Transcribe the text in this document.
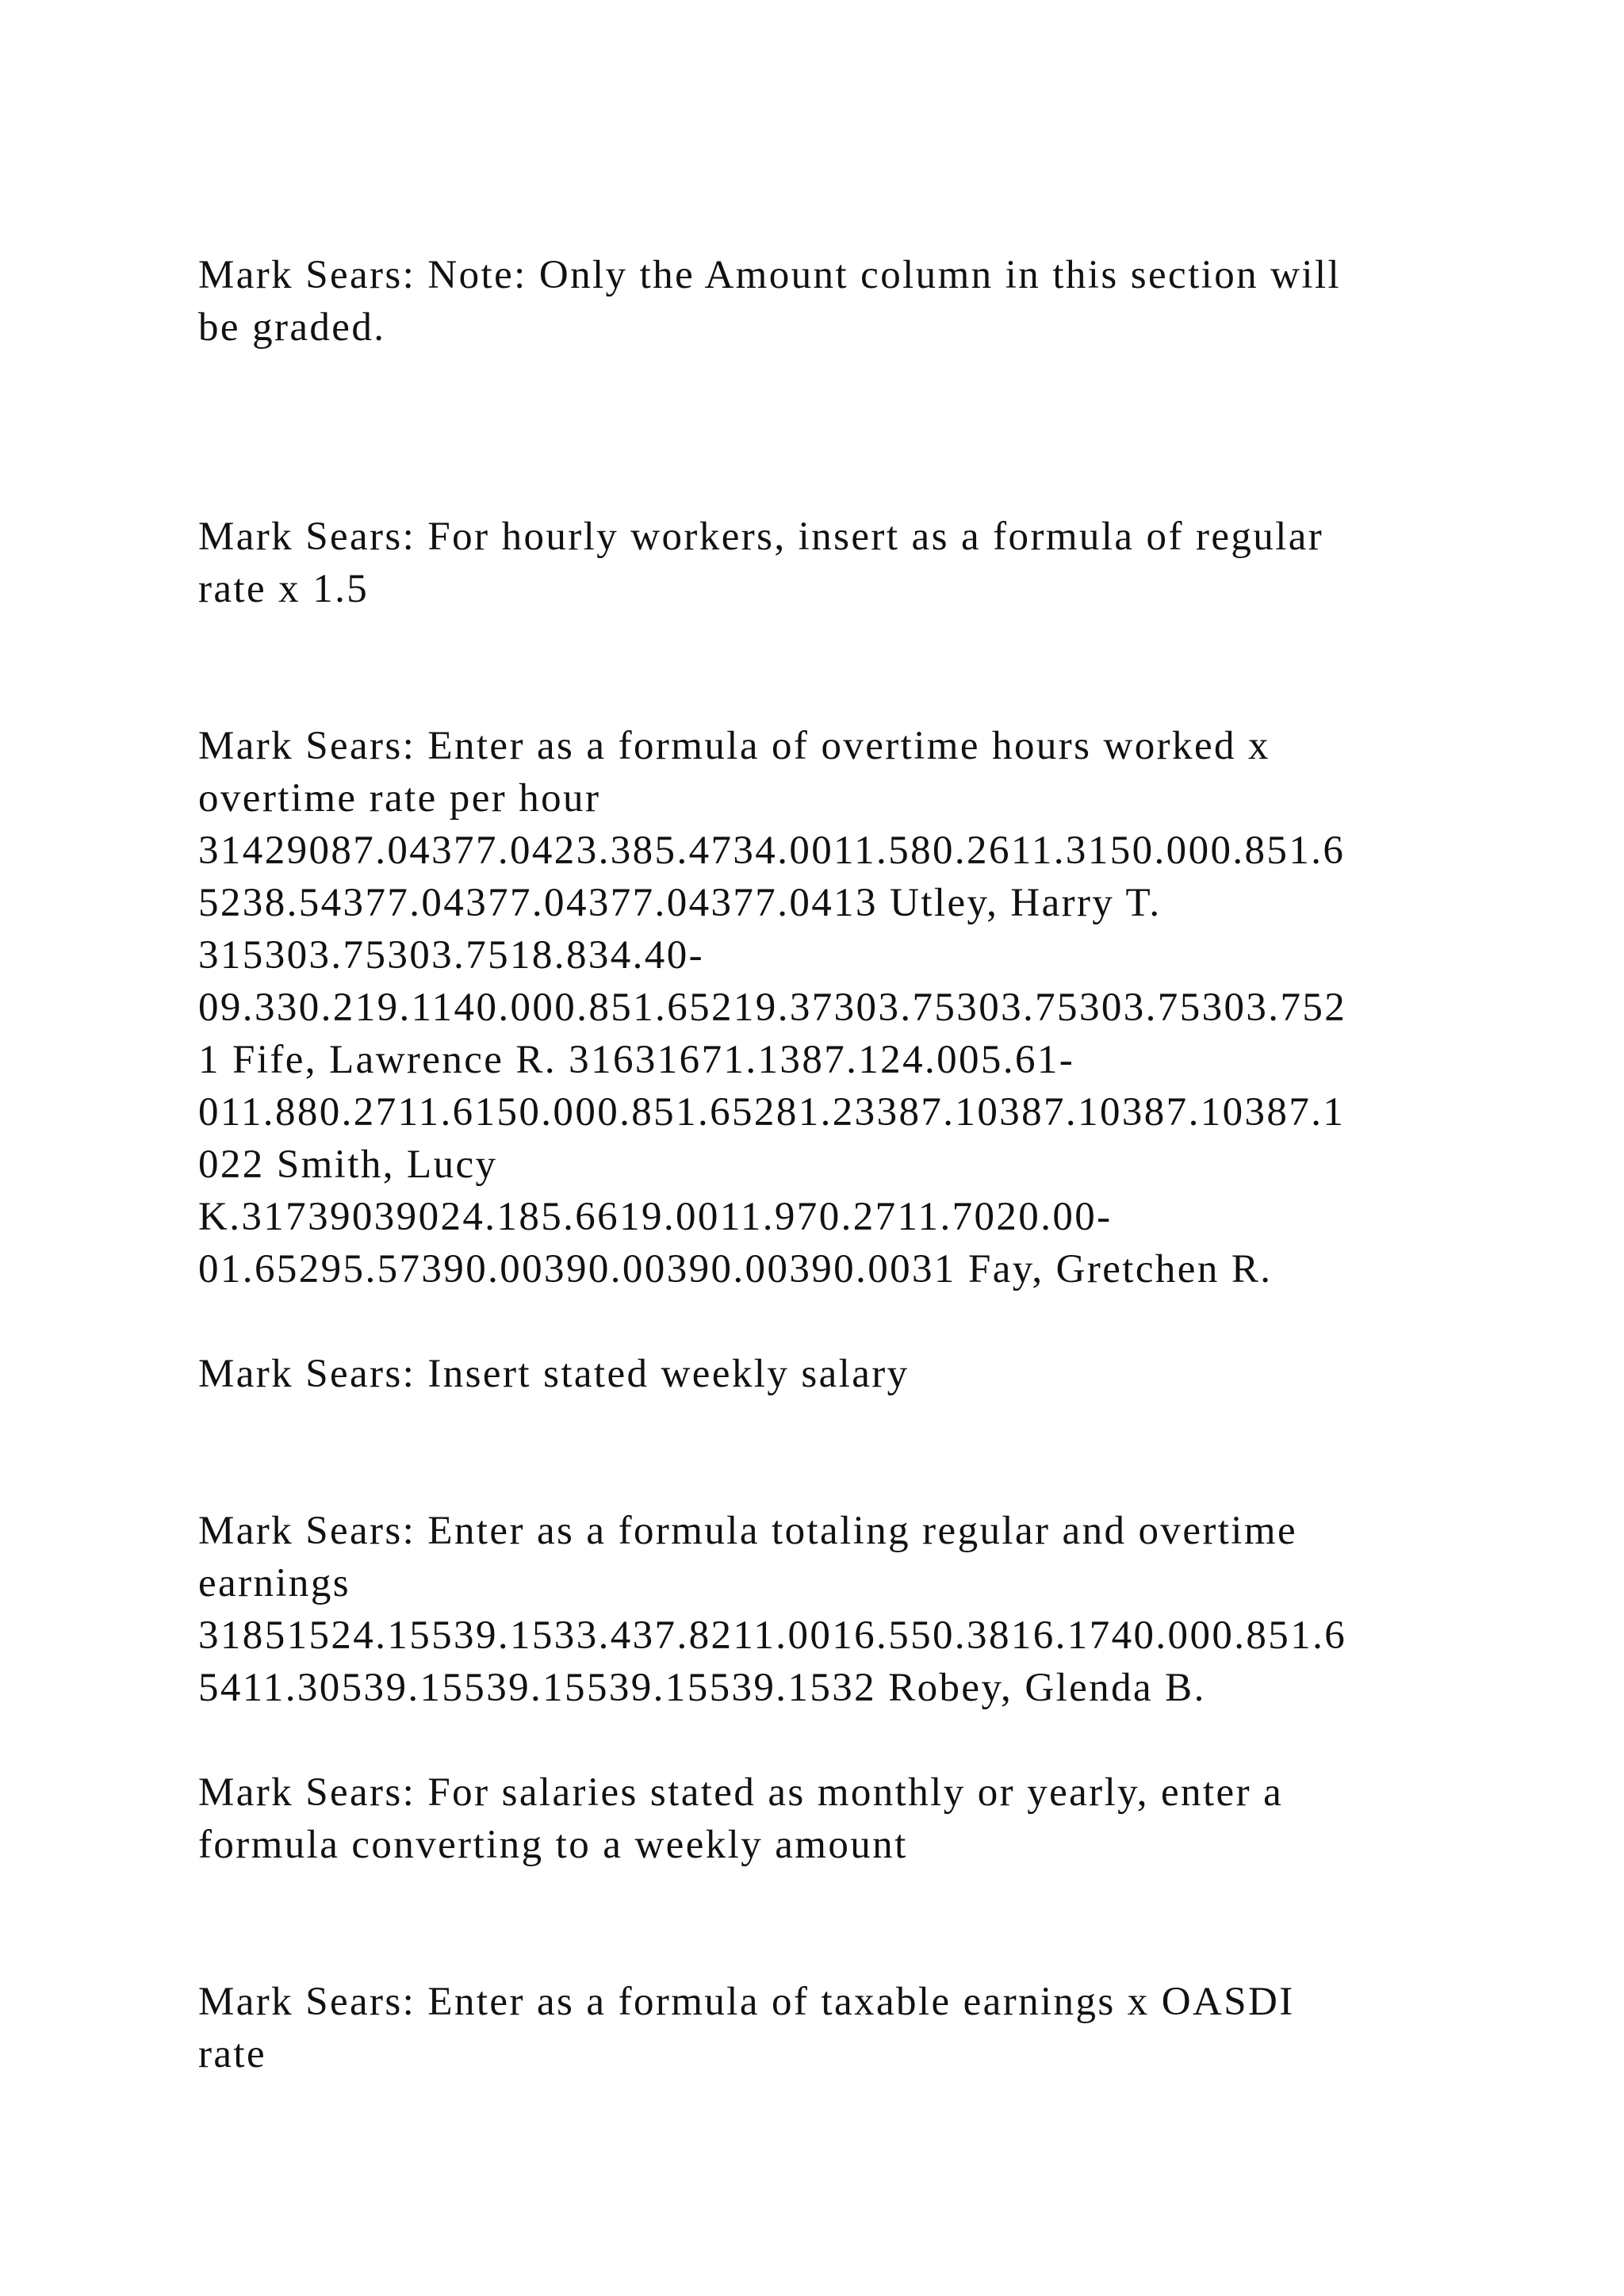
Mark Sears: Note: Only the Amount column in this section will

be graded.

Mark Sears: For hourly workers, insert as a formula of regular

rate x 1.5

Mark Sears: Enter as a formula of overtime hours worked x

overtime rate per hour

31429087.04377.0423.385.4734.0011.580.2611.3150.000.851.6

5238.54377.04377.04377.04377.0413 Utley, Harry T.

315303.75303.7518.834.40-

09.330.219.1140.000.851.65219.37303.75303.75303.75303.752

1 Fife, Lawrence R. 31631671.1387.124.005.61-

011.880.2711.6150.000.851.65281.23387.10387.10387.10387.1

022 Smith, Lucy

K.31739039024.185.6619.0011.970.2711.7020.00-

01.65295.57390.00390.00390.00390.0031 Fay, Gretchen R.

Mark Sears: Insert stated weekly salary

Mark Sears: Enter as a formula totaling regular and overtime

earnings

31851524.15539.1533.437.8211.0016.550.3816.1740.000.851.6

5411.30539.15539.15539.15539.1532 Robey, Glenda B.

Mark Sears: For salaries stated as monthly or yearly, enter a

formula converting to a weekly amount

Mark Sears: Enter as a formula of taxable earnings x OASDI

rate
